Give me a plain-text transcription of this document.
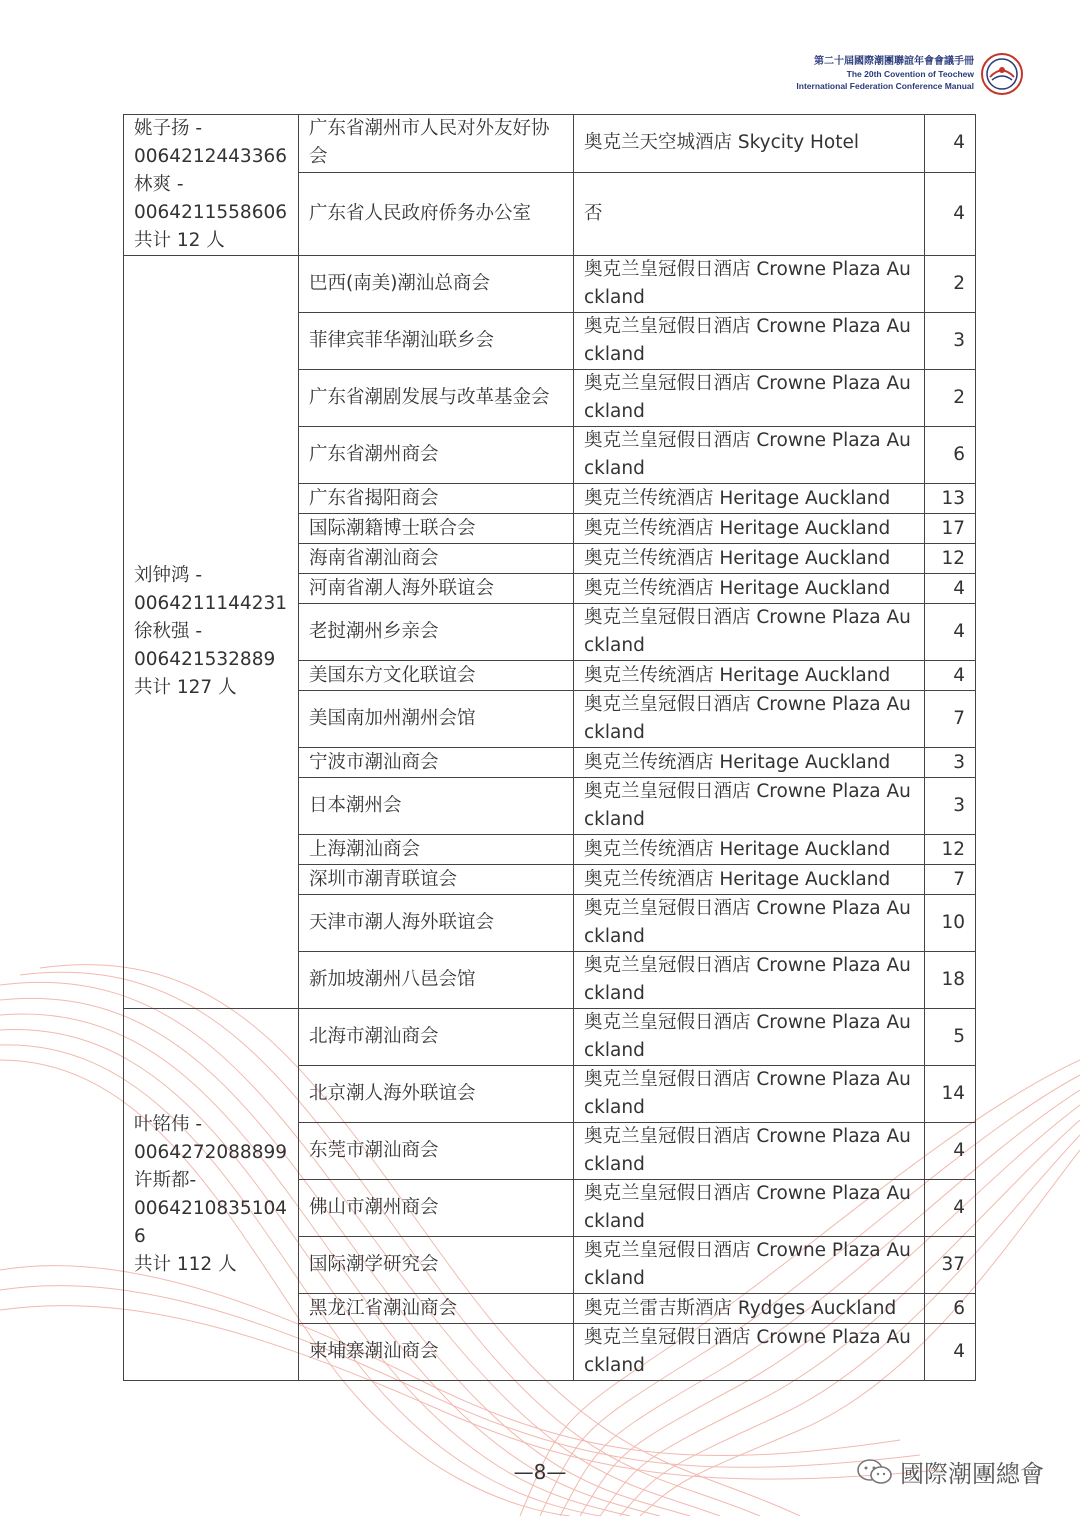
第二十屆國際潮團聯誼年會會議手冊
The 20th Covention of Teochew
International Federation Conference Manual
姚子扬 -
0064212443366
林爽 -
0064211558606
共计 12 人	广东省潮州市人民对外友好协会	奥克兰天空城酒店 Skycity Hotel	4
	广东省人民政府侨务办公室	否	4

刘钟鸿 -
0064211144231
徐秋强 -
006421532889
共计 127 人	巴西(南美)潮汕总商会	奥克兰皇冠假日酒店 Crowne Plaza Auckland	2
	菲律宾菲华潮汕联乡会	奥克兰皇冠假日酒店 Crowne Plaza Auckland	3
	广东省潮剧发展与改革基金会	奥克兰皇冠假日酒店 Crowne Plaza Auckland	2
	广东省潮州商会	奥克兰皇冠假日酒店 Crowne Plaza Auckland	6
	广东省揭阳商会	奥克兰传统酒店 Heritage Auckland	13
	国际潮籍博士联合会	奥克兰传统酒店 Heritage Auckland	17
	海南省潮汕商会	奥克兰传统酒店 Heritage Auckland	12
	河南省潮人海外联谊会	奥克兰传统酒店 Heritage Auckland	4
	老挝潮州乡亲会	奥克兰皇冠假日酒店 Crowne Plaza Auckland	4
	美国东方文化联谊会	奥克兰传统酒店 Heritage Auckland	4
	美国南加州潮州会馆	奥克兰皇冠假日酒店 Crowne Plaza Auckland	7
	宁波市潮汕商会	奥克兰传统酒店 Heritage Auckland	3
	日本潮州会	奥克兰皇冠假日酒店 Crowne Plaza Auckland	3
	上海潮汕商会	奥克兰传统酒店 Heritage Auckland	12
	深圳市潮青联谊会	奥克兰传统酒店 Heritage Auckland	7
	天津市潮人海外联谊会	奥克兰皇冠假日酒店 Crowne Plaza Auckland	10
	新加坡潮州八邑会馆	奥克兰皇冠假日酒店 Crowne Plaza Auckland	18

叶铭伟 -
0064272088899
许斯都-
00642108351046
共计 112 人	北海市潮汕商会	奥克兰皇冠假日酒店 Crowne Plaza Auckland	5
	北京潮人海外联谊会	奥克兰皇冠假日酒店 Crowne Plaza Auckland	14
	东莞市潮汕商会	奥克兰皇冠假日酒店 Crowne Plaza Auckland	4
	佛山市潮州商会	奥克兰皇冠假日酒店 Crowne Plaza Auckland	4
	国际潮学研究会	奥克兰皇冠假日酒店 Crowne Plaza Auckland	37
	黑龙江省潮汕商会	奥克兰雷吉斯酒店 Rydges Auckland	6
	柬埔寨潮汕商会	奥克兰皇冠假日酒店 Crowne Plaza Auckland	4
—8—	國際潮團總會
